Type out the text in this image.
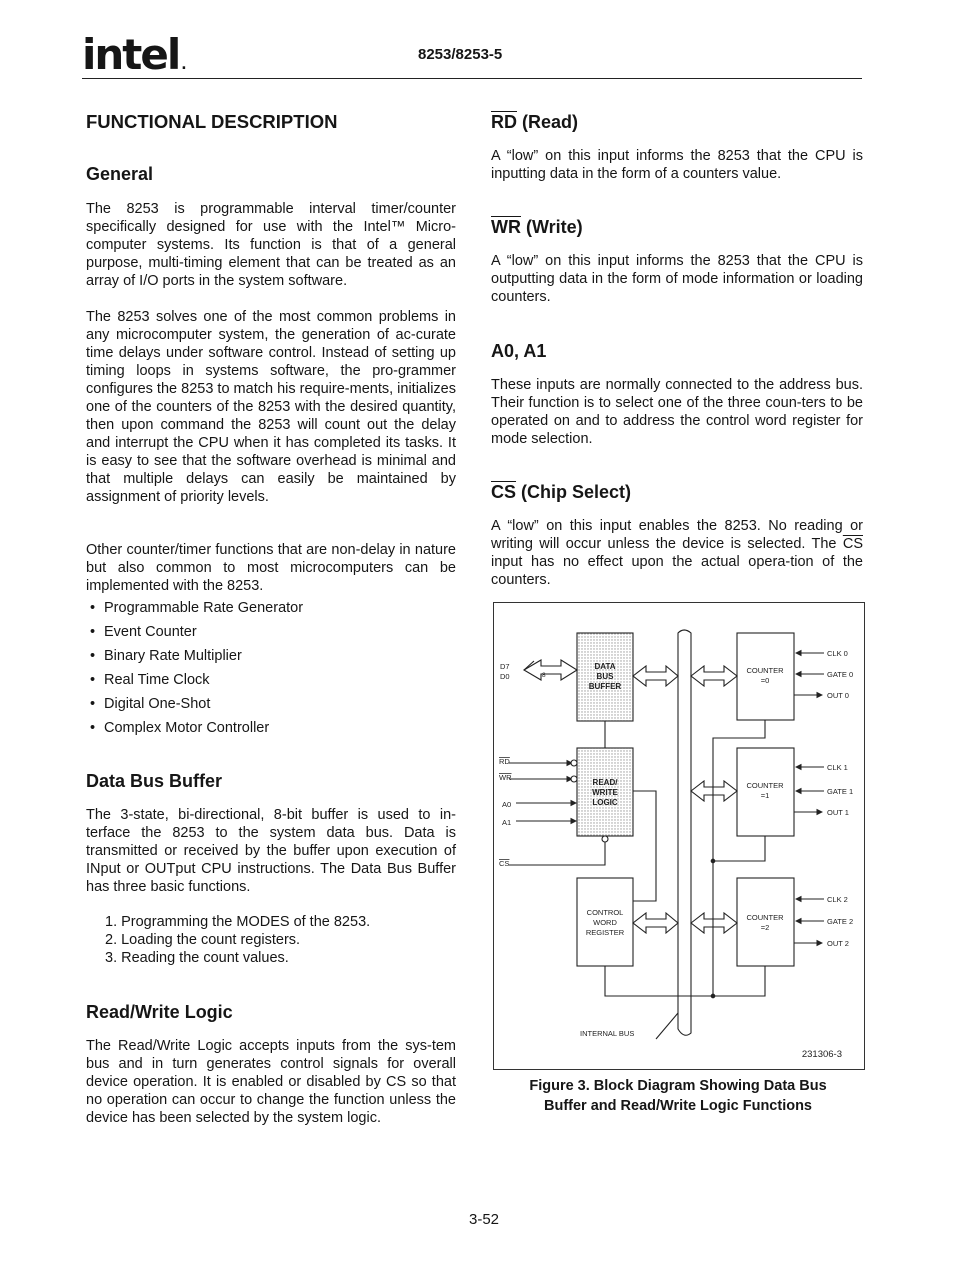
intel .
8253/8253-5
FUNCTIONAL DESCRIPTION
General

The 8253 is programmable interval timer/counter specifically designed for use with the Intel™ Micro-computer systems. Its function is that of a general purpose, multi-timing element that can be treated as an array of I/O ports in the system software.

The 8253 solves one of the most common problems in any microcomputer system, the generation of ac-curate time delays under software control. Instead of setting up timing loops in systems software, the pro-grammer configures the 8253 to match his require-ments, initializes one of the counters of the 8253 with the desired quantity, then upon command the 8253 will count out the delay and interrupt the CPU when it has completed its tasks. It is easy to see that the software overhead is minimal and that multiple delays can easily be maintained by assignment of priority levels.

Other counter/timer functions that are non-delay in nature but also common to most microcomputers can be implemented with the 8253.

• Programmable Rate Generator
• Event Counter
• Binary Rate Multiplier
• Real Time Clock
• Digital One-Shot
• Complex Motor Controller
Data Bus Buffer

The 3-state, bi-directional, 8-bit buffer is used to in-terface the 8253 to the system data bus. Data is transmitted or received by the buffer upon execution of INput or OUTput CPU instructions. The Data Bus Buffer has three basic functions.

1. Programming the MODES of the 8253.
2. Loading the count registers.
3. Reading the count values.
Read/Write Logic

The Read/Write Logic accepts inputs from the sys-tem bus and in turn generates control signals for overall device operation. It is enabled or disabled by CS so that no operation can occur to change the function unless the device has been selected by the system logic.

RD (Read)

A “low” on this input informs the 8253 that the CPU is inputting data in the form of a counters value.

WR (Write)

A “low” on this input informs the 8253 that the CPU is outputting data in the form of mode information or loading counters.

A0, A1

These inputs are normally connected to the address bus. Their function is to select one of the three coun-ters to be operated on and to address the control word register for mode selection.

CS (Chip Select)

A “low” on this input enables the 8253. No reading or writing will occur unless the device is selected. The $\overline{CS}$ input has no effect upon the actual opera-tion of the counters.

DATA
BUS
BUFFER
READ/
WRITE
LOGIC
CONTROL
WORD
REGISTER
COUNTER
=0
COUNTER
=1
COUNTER
=2
D7
D0	8
RD
WR
A0
A1
CS
CLK 0
GATE 0
OUT 0
CLK 1
GATE 1
OUT 1
CLK 2
GATE 2
OUT 2
INTERNAL BUS
231306-3
Figure 3. Block Diagram Showing Data Bus
Buffer and Read/Write Logic Functions
3-52
